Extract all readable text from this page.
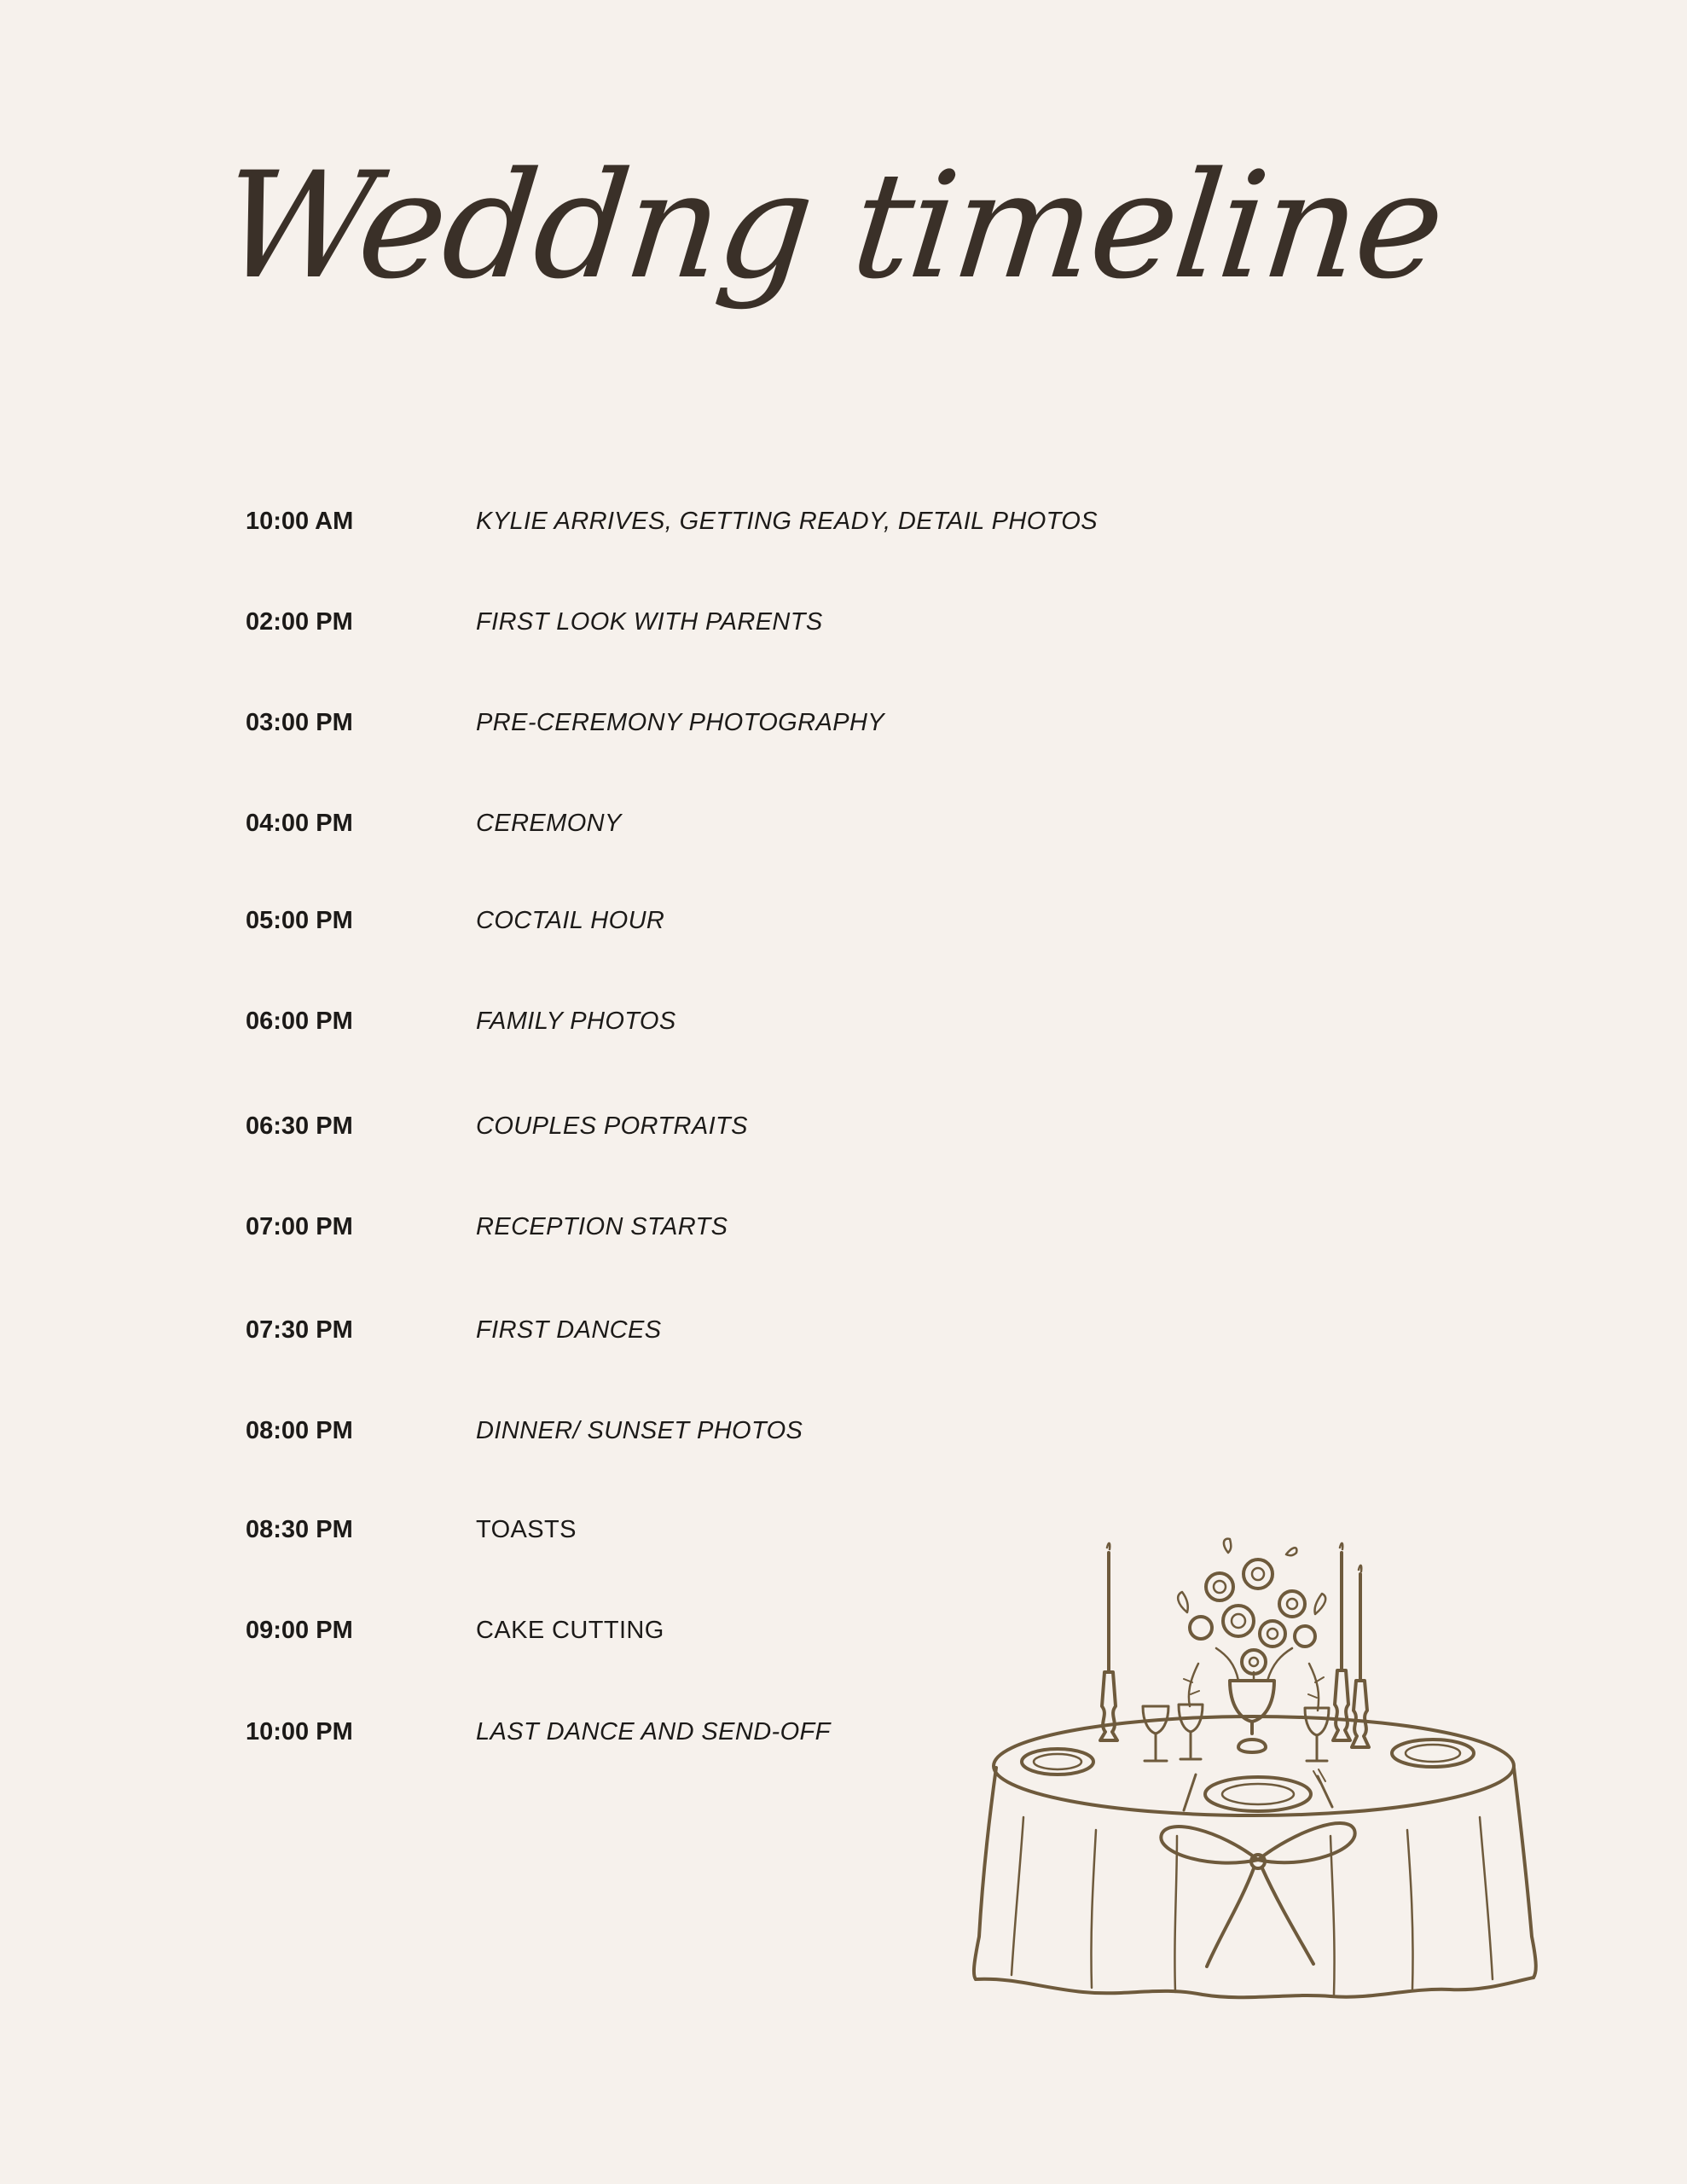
Weddng timeline
10:00 AM	KYLIE ARRIVES, GETTING READY, DETAIL PHOTOS
02:00 PM	FIRST LOOK WITH PARENTS
03:00 PM	PRE-CEREMONY PHOTOGRAPHY
04:00 PM	CEREMONY
05:00 PM	COCTAIL HOUR
06:00 PM	FAMILY PHOTOS
06:30 PM	COUPLES PORTRAITS
07:00 PM	RECEPTION STARTS
07:30 PM	FIRST DANCES
08:00 PM	DINNER/ SUNSET PHOTOS
08:30 PM	TOASTS
09:00 PM	CAKE CUTTING
10:00 PM	LAST DANCE AND SEND-OFF
